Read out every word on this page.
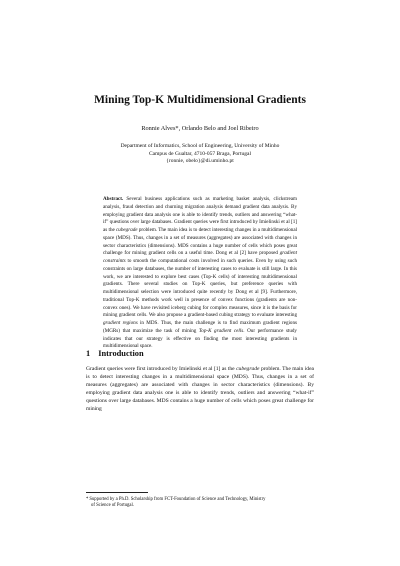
Mining Top-K Multidimensional Gradients
Ronnie Alves*, Orlando Belo and Joel Ribeiro
Department of Informatics, School of Engineering, University of Minho
Campus de Gualtar, 4710-057 Braga, Portugal
{ronnie, obelo}@di.uminho.pt

Abstract. Several business applications such as marketing basket analysis, clickstream analysis, fraud detection and churning migration analysis demand gradient data analysis. By employing gradient data analysis one is able to identify trends, outliers and answering “what-if” questions over large databases. Gradient queries were first introduced by Imielinski et al [1] as the cubegrade problem. The main idea is to detect interesting changes in a multidimensional space (MDS). Thus, changes in a set of measures (aggregates) are associated with changes in sector characteristics (dimensions). MDS contains a huge number of cells which poses great challenge for mining gradient cells on a useful time. Dong et al [2] have proposed gradient constraints to smooth the computational costs involved in such queries. Even by using such constraints on large databases, the number of interesting cases to evaluate is still large. In this work, we are interested to explore best cases (Top-K cells) of interesting multidimensional gradients. There several studies on Top-K queries, but preference queries with multidimensional selection were introduced quite recently by Dong et al [9]. Furthermore, traditional Top-K methods work well in presence of convex functions (gradients are non-convex ones). We have revisited iceberg cubing for complex measures, since it is the basis for mining gradient cells. We also propose a gradient-based cubing strategy to evaluate interesting gradient regions in MDS. Thus, the main challenge is to find maximum gradient regions (MGRs) that maximize the task of mining Top-K gradient cells. Our performance study indicates that our strategy is effective on finding the most interesting gradients in multidimensional space.

1 Introduction

Gradient queries were first introduced by Imielinski et al [1] as the cubegrade problem. The main idea is to detect interesting changes in a multidimensional space (MDS). Thus, changes in a set of measures (aggregates) are associated with changes in sector characteristics (dimensions). By employing gradient data analysis one is able to identify trends, outliers and answering “what-if” questions over large databases. MDS contains a huge number of cells which poses great challenge for mining

*Supported by a Ph.D. Scholarship from FCT-Foundation of Science and Technology, Ministry
of Science of Portugal.
